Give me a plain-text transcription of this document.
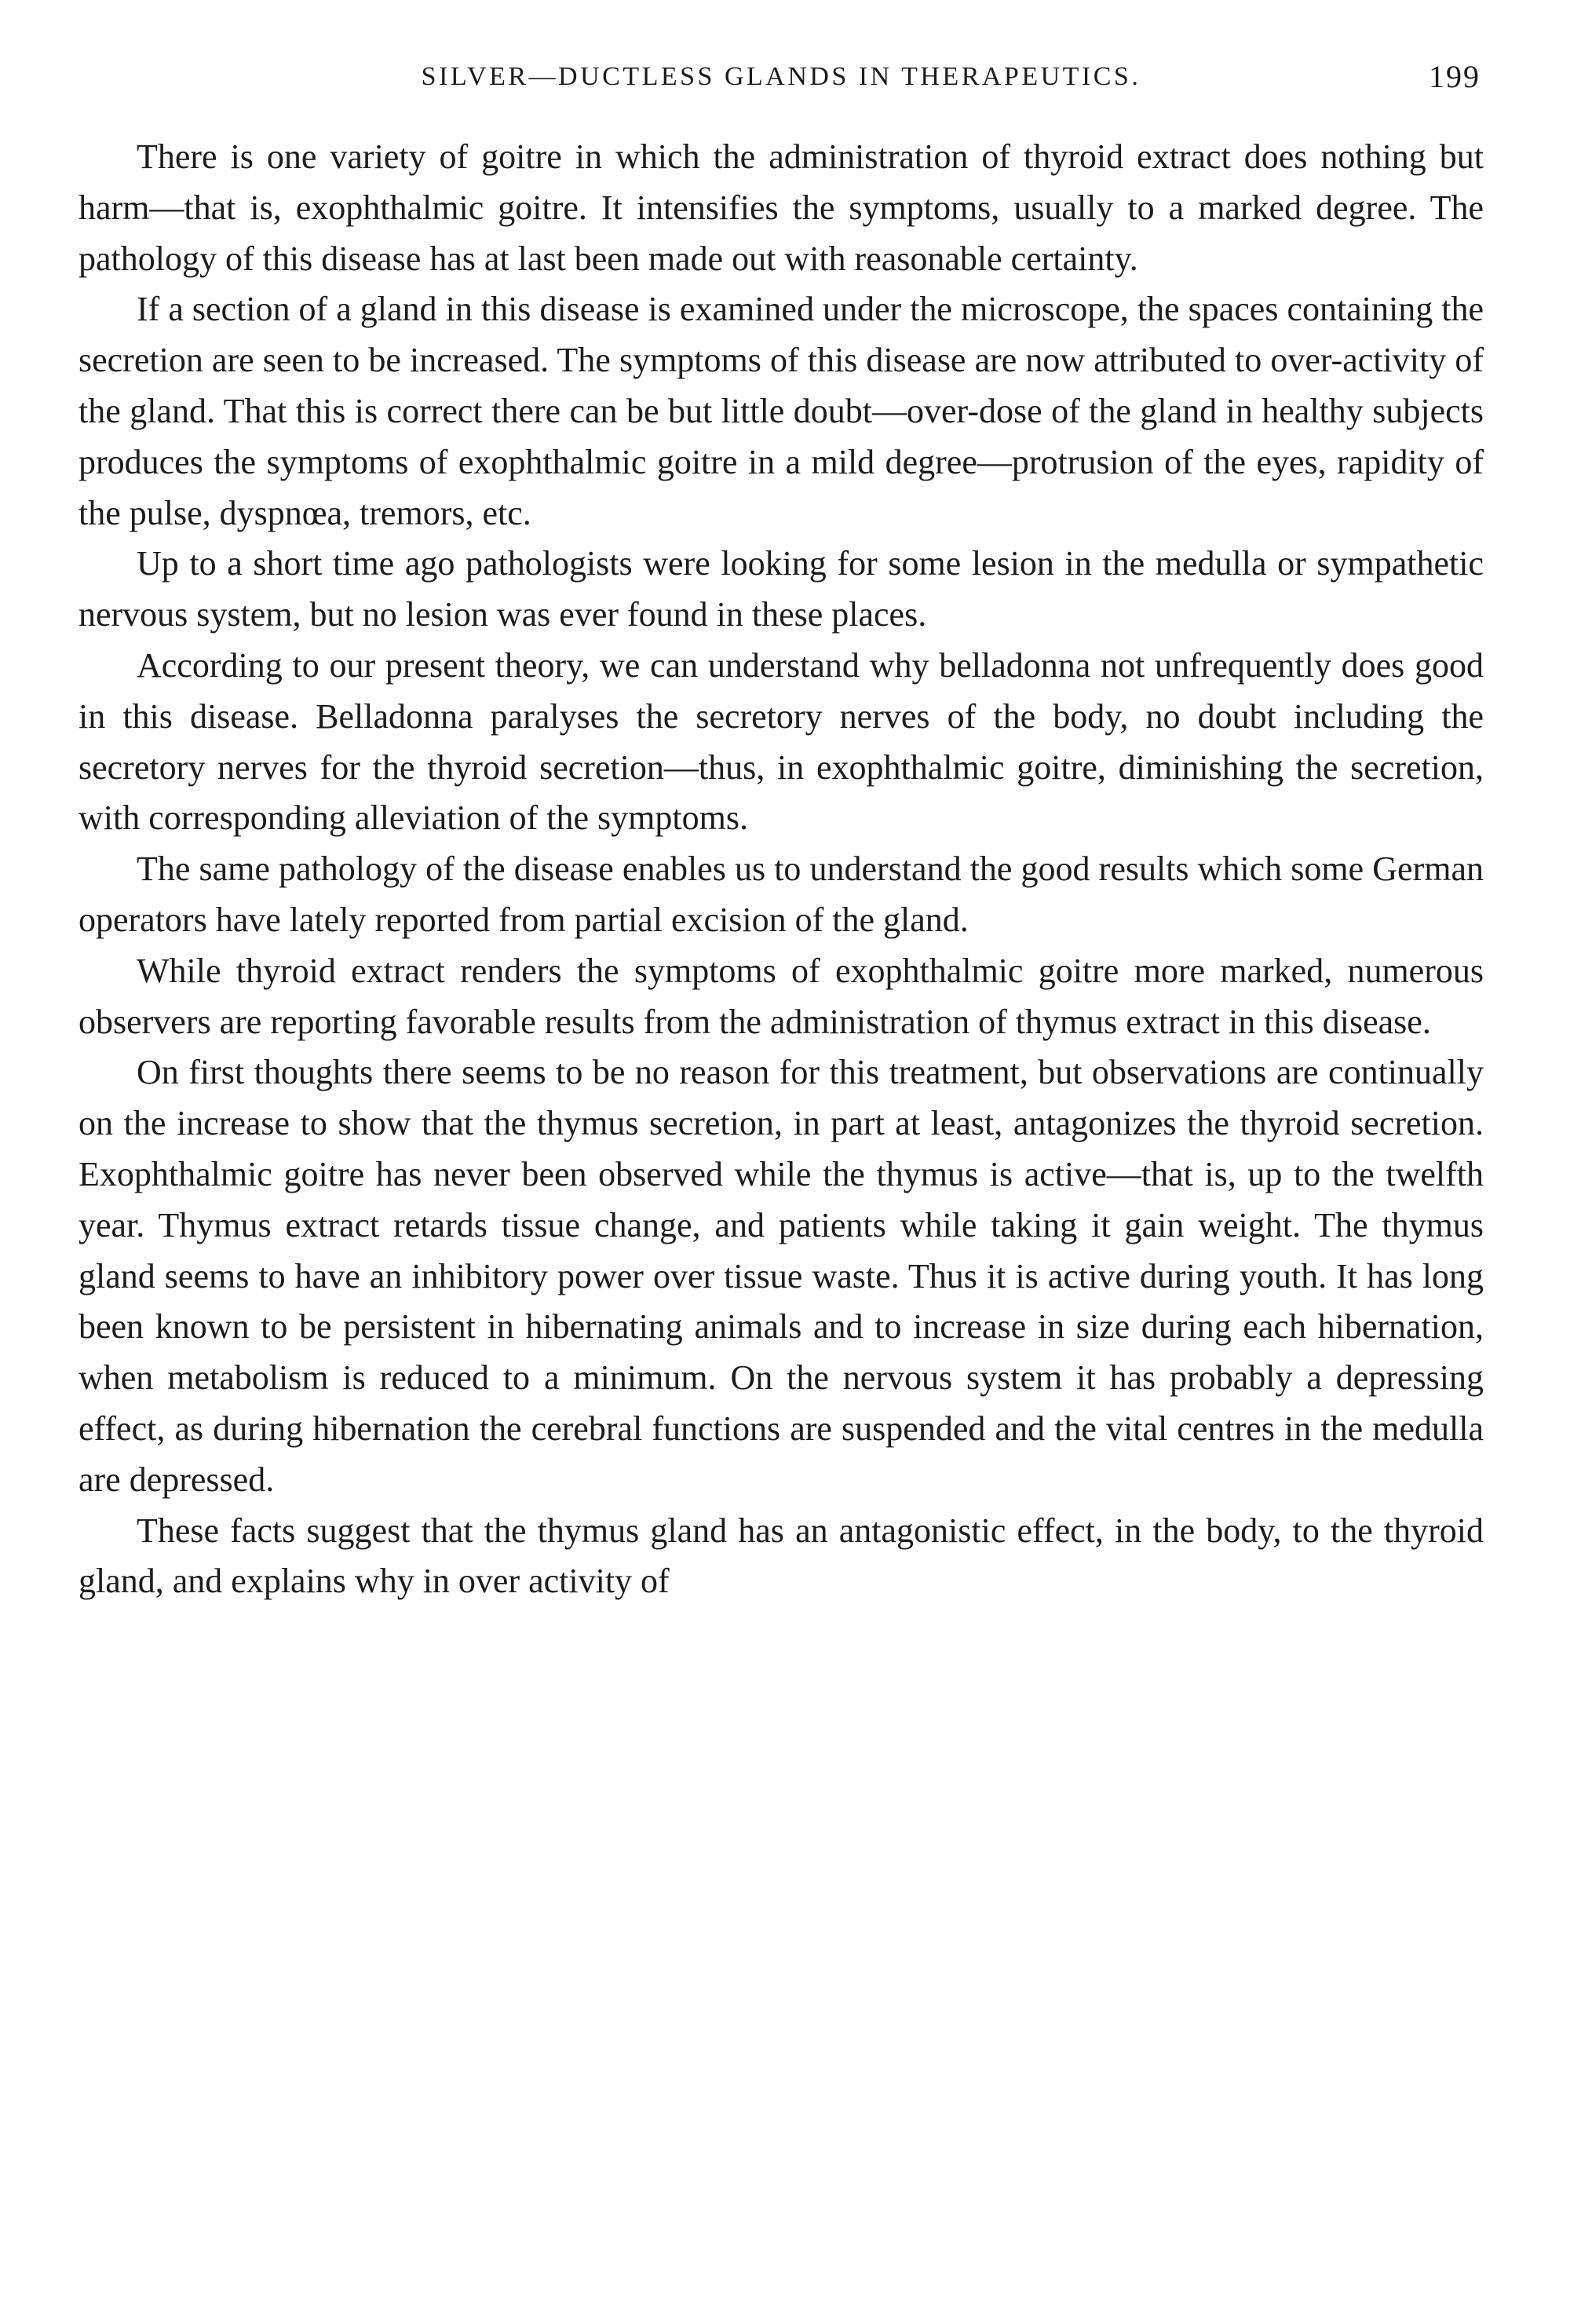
SILVER—DUCTLESS GLANDS IN THERAPEUTICS.	199

There is one variety of goitre in which the administration of thyroid extract does nothing but harm—that is, exophthalmic goitre. It intensifies the symptoms, usually to a marked degree. The pathology of this disease has at last been made out with reasonable certainty.

If a section of a gland in this disease is examined under the microscope, the spaces containing the secretion are seen to be increased. The symptoms of this disease are now attributed to over-activity of the gland. That this is correct there can be but little doubt—over-dose of the gland in healthy subjects produces the symptoms of exophthalmic goitre in a mild degree—protrusion of the eyes, rapidity of the pulse, dyspnœa, tremors, etc.

Up to a short time ago pathologists were looking for some lesion in the medulla or sympathetic nervous system, but no lesion was ever found in these places.

According to our present theory, we can understand why belladonna not unfrequently does good in this disease. Belladonna paralyses the secretory nerves of the body, no doubt including the secretory nerves for the thyroid secretion—thus, in exophthalmic goitre, diminishing the secretion, with corresponding alleviation of the symptoms.

The same pathology of the disease enables us to understand the good results which some German operators have lately reported from partial excision of the gland.

While thyroid extract renders the symptoms of exophthalmic goitre more marked, numerous observers are reporting favorable results from the administration of thymus extract in this disease.

On first thoughts there seems to be no reason for this treatment, but observations are continually on the increase to show that the thymus secretion, in part at least, antagonizes the thyroid secretion. Exophthalmic goitre has never been observed while the thymus is active—that is, up to the twelfth year. Thymus extract retards tissue change, and patients while taking it gain weight. The thymus gland seems to have an inhibitory power over tissue waste. Thus it is active during youth. It has long been known to be persistent in hibernating animals and to increase in size during each hibernation, when metabolism is reduced to a minimum. On the nervous system it has probably a depressing effect, as during hibernation the cerebral functions are suspended and the vital centres in the medulla are depressed.

These facts suggest that the thymus gland has an antagonistic effect, in the body, to the thyroid gland, and explains why in over activity of
